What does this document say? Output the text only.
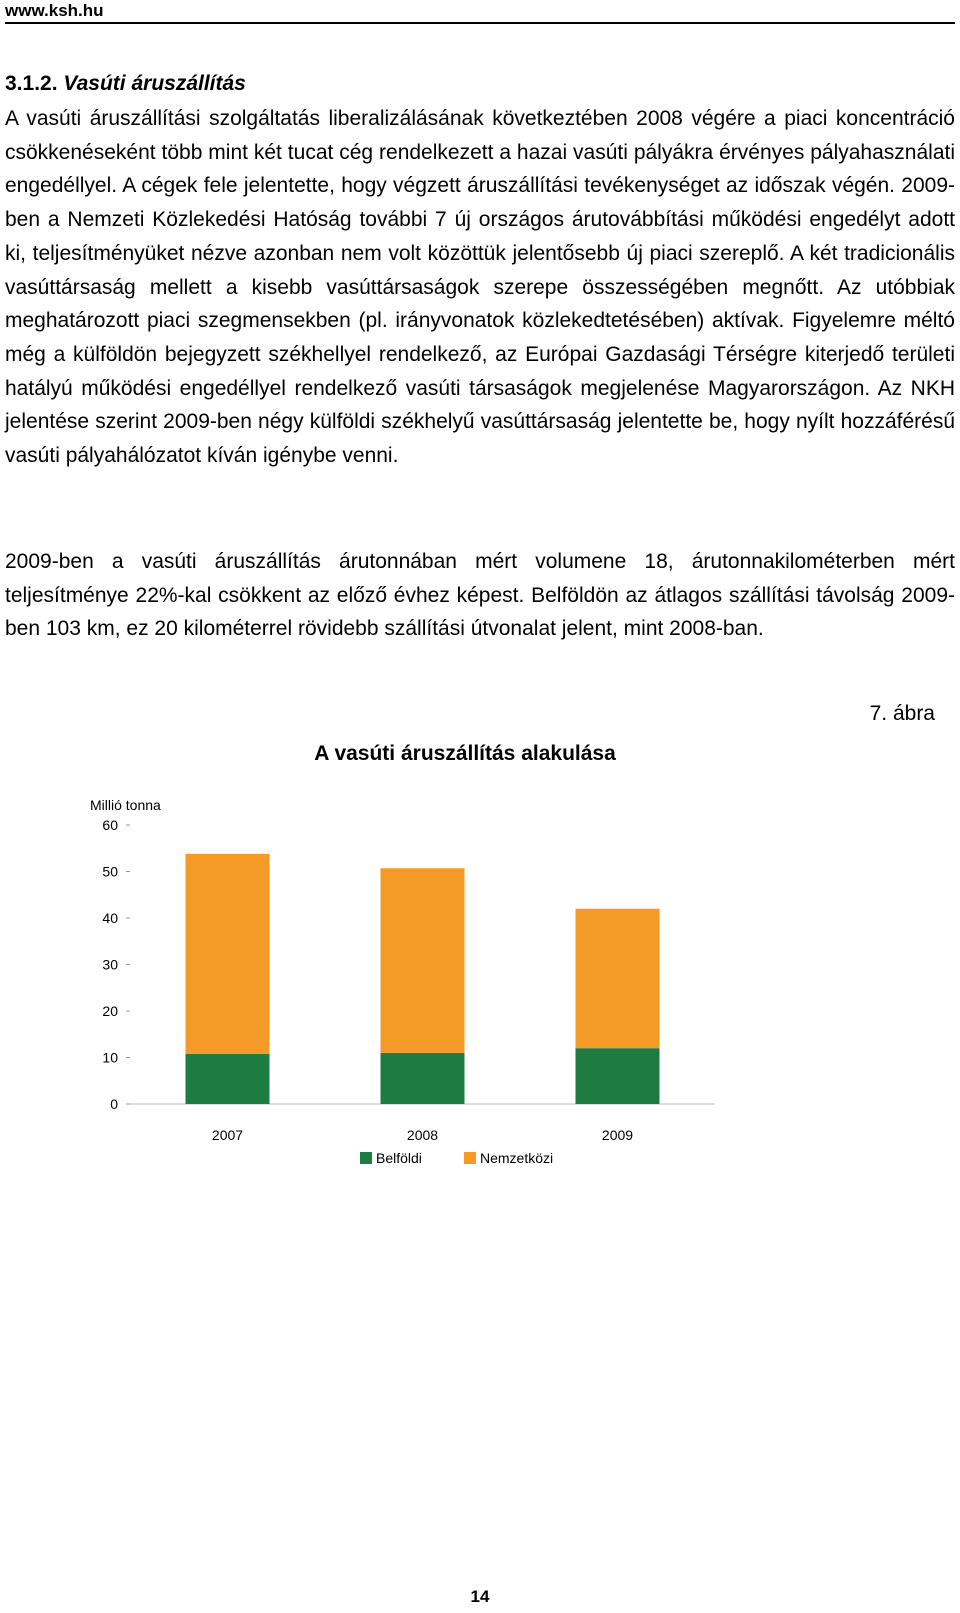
www.ksh.hu
3.1.2. Vasúti áruszállítás

A vasúti áruszállítási szolgáltatás liberalizálásának következtében 2008 végére a piaci koncentráció csökkenéseként több mint két tucat cég rendelkezett a hazai vasúti pályákra érvényes pályahasználati engedéllyel. A cégek fele jelentette, hogy végzett áruszállítási tevékenységet az időszak végén. 2009-ben a Nemzeti Közlekedési Hatóság további 7 új országos árutovábbítási működési engedélyt adott ki, teljesítményüket nézve azonban nem volt közöttük jelentősebb új piaci szereplő. A két tradicionális vasúttársaság mellett a kisebb vasúttársaságok szerepe összességében megnőtt. Az utóbbiak meghatározott piaci szegmensekben (pl. irányvonatok közlekedtetésében) aktívak. Figyelemre méltó még a külföldön bejegyzett székhellyel rendelkező, az Európai Gazdasági Térségre kiterjedő területi hatályú működési engedéllyel rendelkező vasúti társaságok megjelenése Magyarországon. Az NKH jelentése szerint 2009-ben négy külföldi székhelyű vasúttársaság jelentette be, hogy nyílt hozzáférésű vasúti pályahálózatot kíván igénybe venni.

2009-ben a vasúti áruszállítás árutonnában mért volumene 18, árutonnakilométerben mért teljesítménye 22%-kal csökkent az előző évhez képest. Belföldön az átlagos szállítási távolság 2009-ben 103 km, ez 20 kilométerrel rövidebb szállítási útvonalat jelent, mint 2008-ban.

7. ábra
A vasúti áruszállítás alakulása
Millió tonna
0
10
20
30
40
50
60
2007	2008	2009
Belföldi	Nemzetközi
14
